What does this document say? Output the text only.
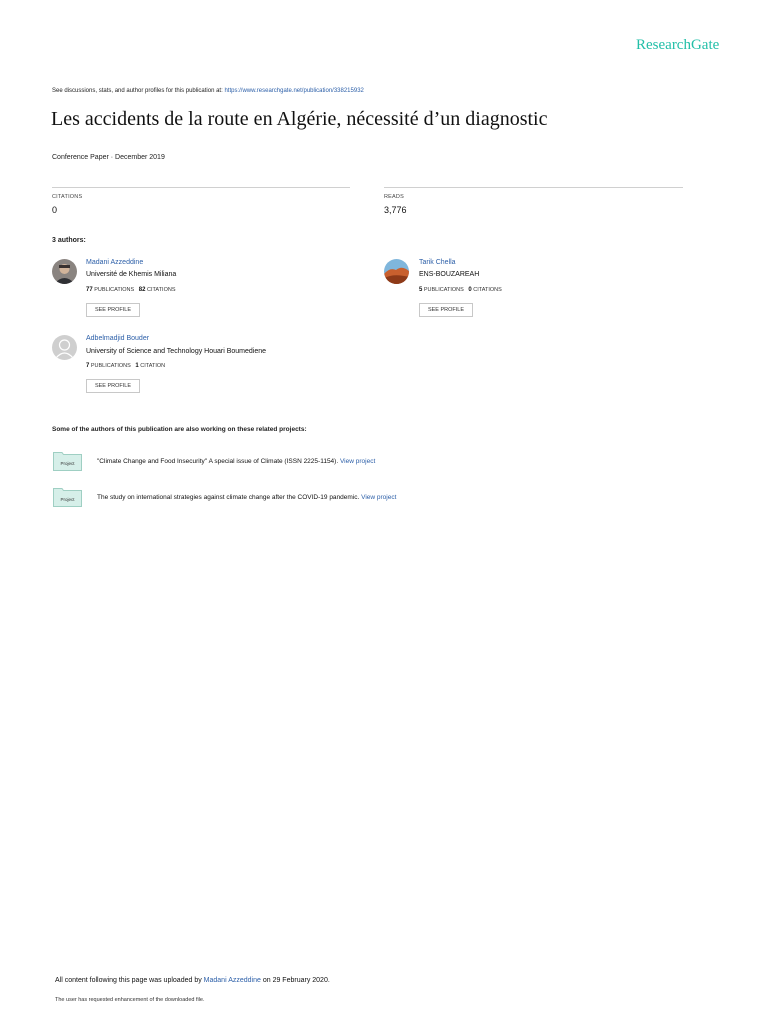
ResearchGate
See discussions, stats, and author profiles for this publication at: https://www.researchgate.net/publication/338215932
Les accidents de la route en Algérie, nécessité d’un diagnostic
Conference Paper · December 2019
CITATIONS
0
READS
3,776
3 authors:
Madani Azzeddine
Université de Khemis Miliana
77 PUBLICATIONS 82 CITATIONS
SEE PROFILE
Tarik Chella
ENS-BOUZAREAH
5 PUBLICATIONS 0 CITATIONS
SEE PROFILE
Adbelmadjid Bouder
University of Science and Technology Houari Boumediene
7 PUBLICATIONS 1 CITATION
SEE PROFILE
Some of the authors of this publication are also working on these related projects:
Project	"Climate Change and Food Insecurity" A special issue of Climate (ISSN 2225-1154). View project
Project	The study on international strategies against climate change after the COVID-19 pandemic. View project
All content following this page was uploaded by Madani Azzeddine on 29 February 2020.
The user has requested enhancement of the downloaded file.
